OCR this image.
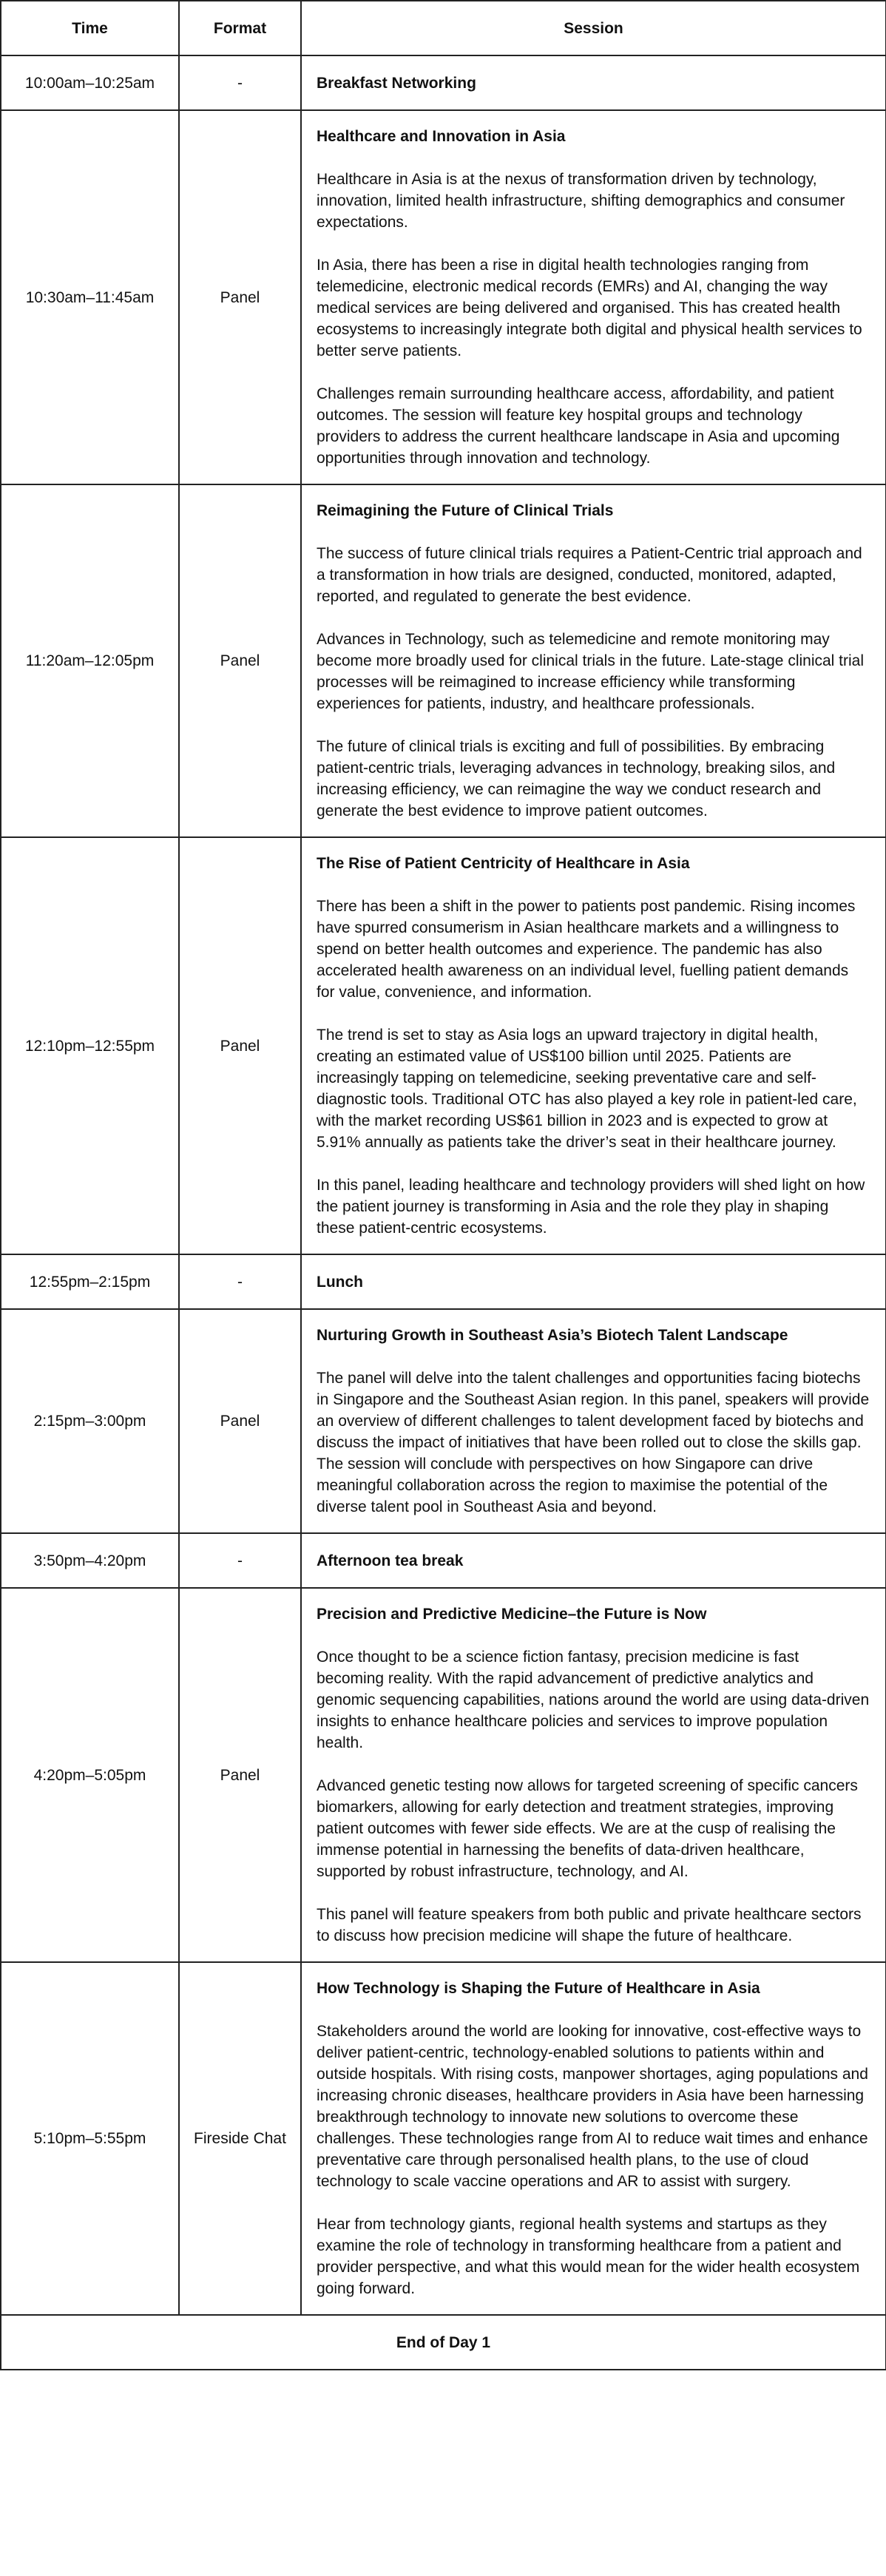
Time	Format	Session
10:00am–10:25am	-	Breakfast Networking

10:30am–11:45am	Panel	Healthcare and Innovation in Asia

Healthcare in Asia is at the nexus of transformation driven by technology, innovation, limited health infrastructure, shifting demographics and consumer expectations.

In Asia, there has been a rise in digital health technologies ranging from telemedicine, electronic medical records (EMRs) and AI, changing the way medical services are being delivered and organised. This has created health ecosystems to increasingly integrate both digital and physical health services to better serve patients.

Challenges remain surrounding healthcare access, affordability, and patient outcomes. The session will feature key hospital groups and technology providers to address the current healthcare landscape in Asia and upcoming opportunities through innovation and technology.

11:20am–12:05pm	Panel	Reimagining the Future of Clinical Trials

The success of future clinical trials requires a Patient-Centric trial approach and a transformation in how trials are designed, conducted, monitored, adapted, reported, and regulated to generate the best evidence.

Advances in Technology, such as telemedicine and remote monitoring may become more broadly used for clinical trials in the future. Late-stage clinical trial processes will be reimagined to increase efficiency while transforming experiences for patients, industry, and healthcare professionals.

The future of clinical trials is exciting and full of possibilities. By embracing patient-centric trials, leveraging advances in technology, breaking silos, and increasing efficiency, we can reimagine the way we conduct research and generate the best evidence to improve patient outcomes.

12:10pm–12:55pm	Panel	The Rise of Patient Centricity of Healthcare in Asia

There has been a shift in the power to patients post pandemic. Rising incomes have spurred consumerism in Asian healthcare markets and a willingness to spend on better health outcomes and experience. The pandemic has also accelerated health awareness on an individual level, fuelling patient demands for value, convenience, and information.

The trend is set to stay as Asia logs an upward trajectory in digital health, creating an estimated value of US$100 billion until 2025. Patients are increasingly tapping on telemedicine, seeking preventative care and self-diagnostic tools. Traditional OTC has also played a key role in patient-led care, with the market recording US$61 billion in 2023 and is expected to grow at 5.91% annually as patients take the driver’s seat in their healthcare journey.

In this panel, leading healthcare and technology providers will shed light on how the patient journey is transforming in Asia and the role they play in shaping these patient-centric ecosystems.

12:55pm–2:15pm	-	Lunch

2:15pm–3:00pm	Panel	Nurturing Growth in Southeast Asia’s Biotech Talent Landscape

The panel will delve into the talent challenges and opportunities facing biotechs in Singapore and the Southeast Asian region. In this panel, speakers will provide an overview of different challenges to talent development faced by biotechs and discuss the impact of initiatives that have been rolled out to close the skills gap. The session will conclude with perspectives on how Singapore can drive meaningful collaboration across the region to maximise the potential of the diverse talent pool in Southeast Asia and beyond.

3:50pm–4:20pm	-	Afternoon tea break

4:20pm–5:05pm	Panel	Precision and Predictive Medicine–the Future is Now

Once thought to be a science fiction fantasy, precision medicine is fast becoming reality. With the rapid advancement of predictive analytics and genomic sequencing capabilities, nations around the world are using data-driven insights to enhance healthcare policies and services to improve population health.

Advanced genetic testing now allows for targeted screening of specific cancers biomarkers, allowing for early detection and treatment strategies, improving patient outcomes with fewer side effects. We are at the cusp of realising the immense potential in harnessing the benefits of data-driven healthcare, supported by robust infrastructure, technology, and AI.

This panel will feature speakers from both public and private healthcare sectors to discuss how precision medicine will shape the future of healthcare.

5:10pm–5:55pm	Fireside Chat	How Technology is Shaping the Future of Healthcare in Asia

Stakeholders around the world are looking for innovative, cost-effective ways to deliver patient-centric, technology-enabled solutions to patients within and outside hospitals. With rising costs, manpower shortages, aging populations and increasing chronic diseases, healthcare providers in Asia have been harnessing breakthrough technology to innovate new solutions to overcome these challenges. These technologies range from AI to reduce wait times and enhance preventative care through personalised health plans, to the use of cloud technology to scale vaccine operations and AR to assist with surgery.

Hear from technology giants, regional health systems and startups as they examine the role of technology in transforming healthcare from a patient and provider perspective, and what this would mean for the wider health ecosystem going forward.

End of Day 1		
